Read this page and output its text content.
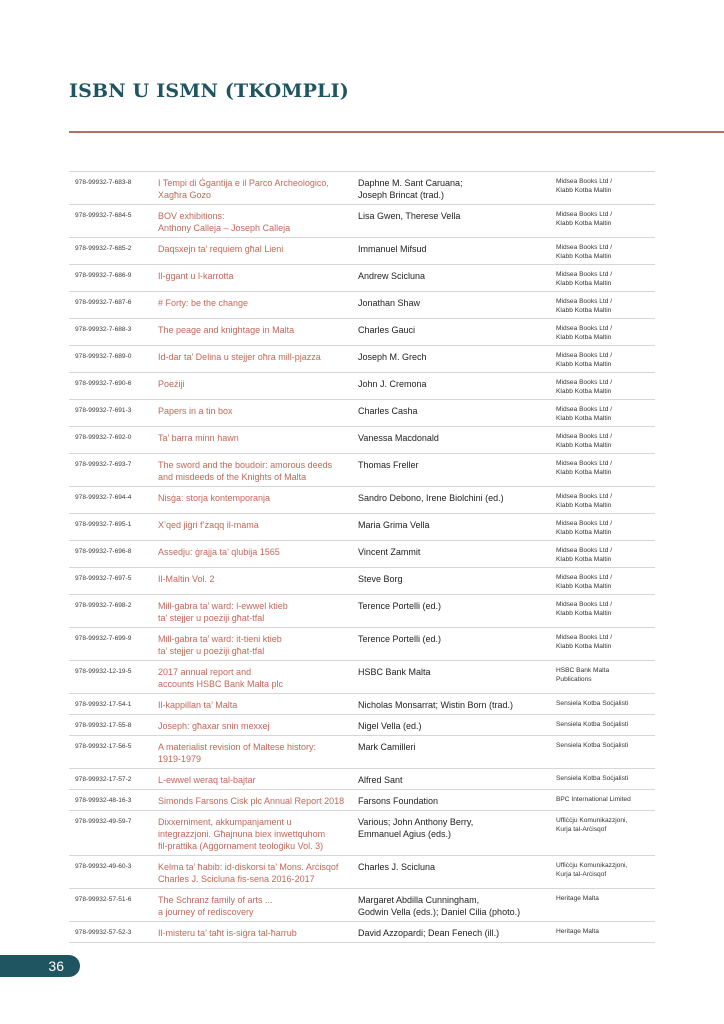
ISBN U ISMN (TKOMPLI)
978-99932-7-683-8	I Tempi di Ġgantija e il Parco Archeologico,
Xagħra Gozo	Daphne M. Sant Caruana;
Joseph Brincat (trad.)	Midsea Books Ltd /
Klabb Kotba Maltin
978-99932-7-684-5	BOV exhibitions:
Anthony Calleja – Joseph Calleja	Lisa Gwen, Therese Vella	Midsea Books Ltd /
Klabb Kotba Maltin
978-99932-7-685-2	Daqsxejn ta’ requiem għal Lieni	Immanuel Mifsud	Midsea Books Ltd /
Klabb Kotba Maltin
978-99932-7-686-9	Il-ġgant u l-karrotta	Andrew Scicluna	Midsea Books Ltd /
Klabb Kotba Maltin
978-99932-7-687-6	# Forty: be the change	Jonathan Shaw	Midsea Books Ltd /
Klabb Kotba Maltin
978-99932-7-688-3	The peage and knightage in Malta	Charles Gauci	Midsea Books Ltd /
Klabb Kotba Maltin
978-99932-7-689-0	Id-dar ta’ Delina u stejjer oħra mill-pjazza	Joseph M. Grech	Midsea Books Ltd /
Klabb Kotba Maltin
978-99932-7-690-6	Poeżiji	John J. Cremona	Midsea Books Ltd /
Klabb Kotba Maltin
978-99932-7-691-3	Papers in a tin box	Charles Casha	Midsea Books Ltd /
Klabb Kotba Maltin
978-99932-7-692-0	Ta’ barra minn hawn	Vanessa Macdonald	Midsea Books Ltd /
Klabb Kotba Maltin
978-99932-7-693-7	The sword and the boudoir: amorous deeds
and misdeeds of the Knights of Malta	Thomas Freller	Midsea Books Ltd /
Klabb Kotba Maltin
978-99932-7-694-4	Nisġa: storja kontemporanja	Sandro Debono, Irene Biolchini (ed.)	Midsea Books Ltd /
Klabb Kotba Maltin
978-99932-7-695-1	X’qed jiġri f’żaqq il-mama	Maria Grima Vella	Midsea Books Ltd /
Klabb Kotba Maltin
978-99932-7-696-8	Assedju: ġrajja ta’ qlubija 1565	Vincent Zammit	Midsea Books Ltd /
Klabb Kotba Maltin
978-99932-7-697-5	Il-Maltin Vol. 2	Steve Borg	Midsea Books Ltd /
Klabb Kotba Maltin
978-99932-7-698-2	Mill-gabra ta’ ward: l-ewwel ktieb
ta’ stejjer u poeżiji għat-tfal	Terence Portelli (ed.)	Midsea Books Ltd /
Klabb Kotba Maltin
978-99932-7-699-9	Mill-gabra ta’ ward: it-tieni ktieb
ta’ stejjer u poeżiji għat-tfal	Terence Portelli (ed.)	Midsea Books Ltd /
Klabb Kotba Maltin
978-99932-12-19-5	2017 annual report and
accounts HSBC Bank Malta plc	HSBC Bank Malta	HSBC Bank Malta
Publications
978-99932-17-54-1	Il-kappillan ta’ Malta	Nicholas Monsarrat; Wistin Born (trad.)	Sensiela Kotba Soċjalisti
978-99932-17-55-8	Joseph: għaxar snin mexxej	Nigel Vella (ed.)	Sensiela Kotba Soċjalisti
978-99932-17-56-5	A materialist revision of Maltese history:
1919-1979	Mark Camilleri	Sensiela Kotba Soċjalisti
978-99932-17-57-2	L-ewwel weraq tal-bajtar	Alfred Sant	Sensiela Kotba Soċjalisti
978-99932-48-16-3	Simonds Farsons Cisk plc Annual Report 2018	Farsons Foundation	BPC International Limited
978-99932-49-59-7	Dixxerniment, akkumpanjament u
integrazzjoni. Għajnuna biex inwettquhom
fil-prattika (Aġġornament teoloġiku Vol. 3)	Various; John Anthony Berry,
Emmanuel Agius (eds.)	Uffiċċju Komunikazzjoni,
Kurja tal-Arċisqof
978-99932-49-60-3	Kelma ta’ ħabib: id-diskorsi ta’ Mons. Arċisqof
Charles J. Scicluna fis-sena 2016-2017	Charles J. Scicluna	Uffiċċju Komunikazzjoni,
Kurja tal-Arċisqof
978-99932-57-51-6	The Schranz family of arts ...
a journey of rediscovery	Margaret Abdilla Cunningham,
Godwin Vella (eds.); Daniel Cilia (photo.)	Heritage Malta
978-99932-57-52-3	Il-misteru ta’ taħt is-siġra tal-ħarrub	David Azzopardi; Dean Fenech (ill.)	Heritage Malta
36
